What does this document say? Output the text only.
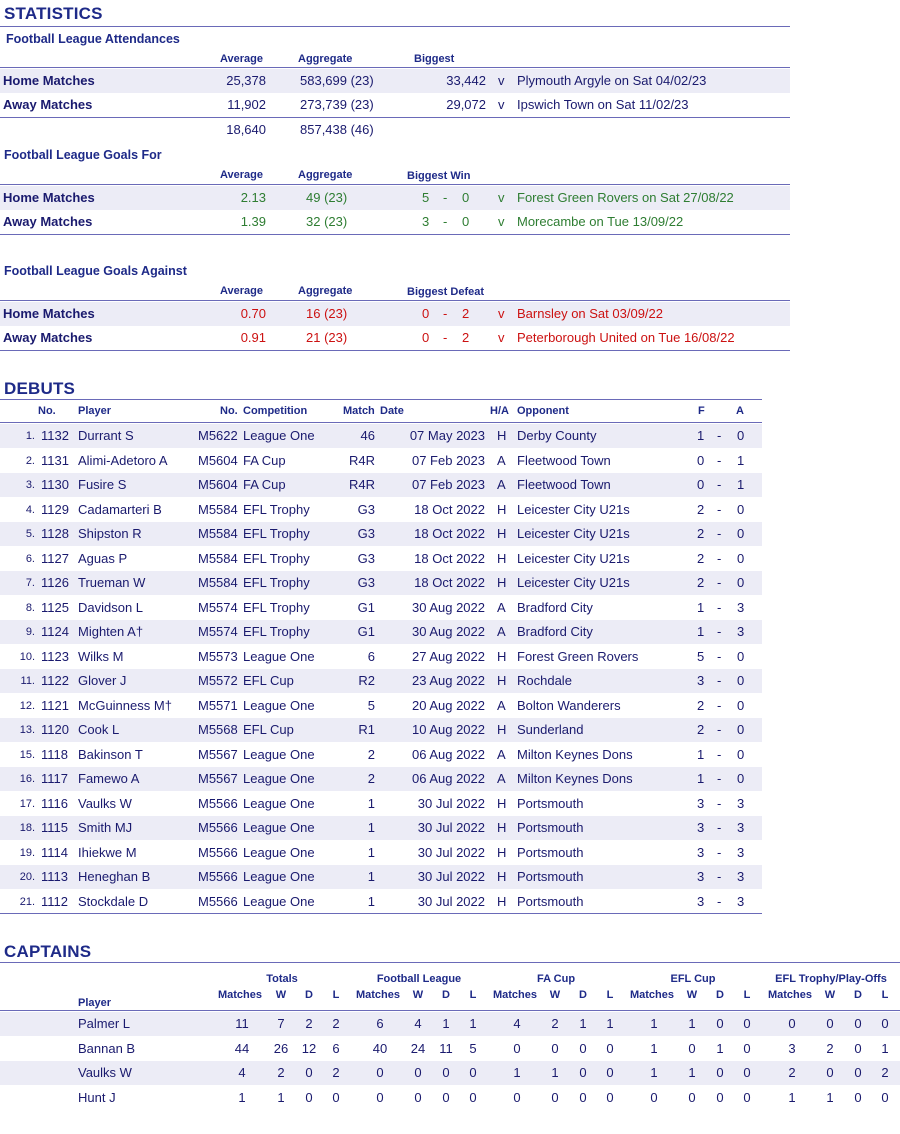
STATISTICS
Football League Attendances
Average	Aggregate	Biggest
Home Matches	25,378	583,699 (23)	33,442 v Plymouth Argyle on Sat 04/02/23
Away Matches	11,902	273,739 (23)	29,072 v Ipswich Town on Sat 11/02/23
18,640	857,438 (46)
Football League Goals For
Average	Aggregate	Biggest Win
Home Matches	2.13	49 (23)	5 - 0 v Forest Green Rovers on Sat 27/08/22
Away Matches	1.39	32 (23)	3 - 0 v Morecambe on Tue 13/09/22
Football League Goals Against
Average	Aggregate	Biggest Defeat
Home Matches	0.70	16 (23)	0 - 2 v Barnsley on Sat 03/09/22
Away Matches	0.91	21 (23)	0 - 2 v Peterborough United on Tue 16/08/22
DEBUTS
No. Player	No. Competition	Match Date	H/A Opponent	F	A
1. 1132 Durrant S	M5622 League One	46	07 May 2023 H Derby County	1 - 0
2. 1131 Alimi-Adetoro A M5604 FA Cup	R4R	07 Feb 2023 A Fleetwood Town	0 - 1
3. 1130 Fusire S	M5604 FA Cup	R4R	07 Feb 2023 A Fleetwood Town	0 - 1
4. 1129 Cadamarteri B	M5584 EFL Trophy	G3	18 Oct 2022 H Leicester City U21s	2 - 0
5. 1128 Shipston R	M5584 EFL Trophy	G3	18 Oct 2022 H Leicester City U21s	2 - 0
6. 1127 Aguas P	M5584 EFL Trophy	G3	18 Oct 2022 H Leicester City U21s	2 - 0
7. 1126 Trueman W	M5584 EFL Trophy	G3	18 Oct 2022 H Leicester City U21s	2 - 0
8. 1125 Davidson L	M5574 EFL Trophy	G1	30 Aug 2022 A Bradford City	1 - 3
9. 1124 Mighten A†	M5574 EFL Trophy	G1	30 Aug 2022 A Bradford City	1 - 3
10. 1123 Wilks M	M5573 League One	6	27 Aug 2022 H Forest Green Rovers	5 - 0
11. 1122 Glover J	M5572 EFL Cup	R2	23 Aug 2022 H Rochdale	3 - 0
12. 1121 McGuinness M† M5571 League One	5	20 Aug 2022 A Bolton Wanderers	2 - 0
13. 1120 Cook L	M5568 EFL Cup	R1	10 Aug 2022 H Sunderland	2 - 0
15. 1118 Bakinson T	M5567 League One	2	06 Aug 2022 A Milton Keynes Dons	1 - 0
16. 1117 Famewo A	M5567 League One	2	06 Aug 2022 A Milton Keynes Dons	1 - 0
17. 1116 Vaulks W	M5566 League One	1	30 Jul 2022 H Portsmouth	3 - 3
18. 1115 Smith MJ	M5566 League One	1	30 Jul 2022 H Portsmouth	3 - 3
19. 1114 Ihiekwe M	M5566 League One	1	30 Jul 2022 H Portsmouth	3 - 3
20. 1113 Heneghan B	M5566 League One	1	30 Jul 2022 H Portsmouth	3 - 3
21. 1112 Stockdale D	M5566 League One	1	30 Jul 2022 H Portsmouth	3 - 3
CAPTAINS
Totals
Matches	W	D	L
Football League
Matches	W	D	L
FA Cup
Matches	W	D	L
EFL Cup
Matches	W	D	L
EFL Trophy/Play-Offs
Matches	W	D	L
Player
Palmer L	11	7	2	2	6	4	1	1	4	2	1	1	1	1	0	0	0	0	0	0
Bannan B	44	26	12	6	40	24	11	5	0	0	0	0	1	0	1	0	3	2	0	1
Vaulks W	4	2	0	2	0	0	0	0	1	1	0	0	1	1	0	0	2	0	0	2
Hunt J	1	1	0	0	0	0	0	0	0	0	0	0	0	0	0	0	1	1	0	0
